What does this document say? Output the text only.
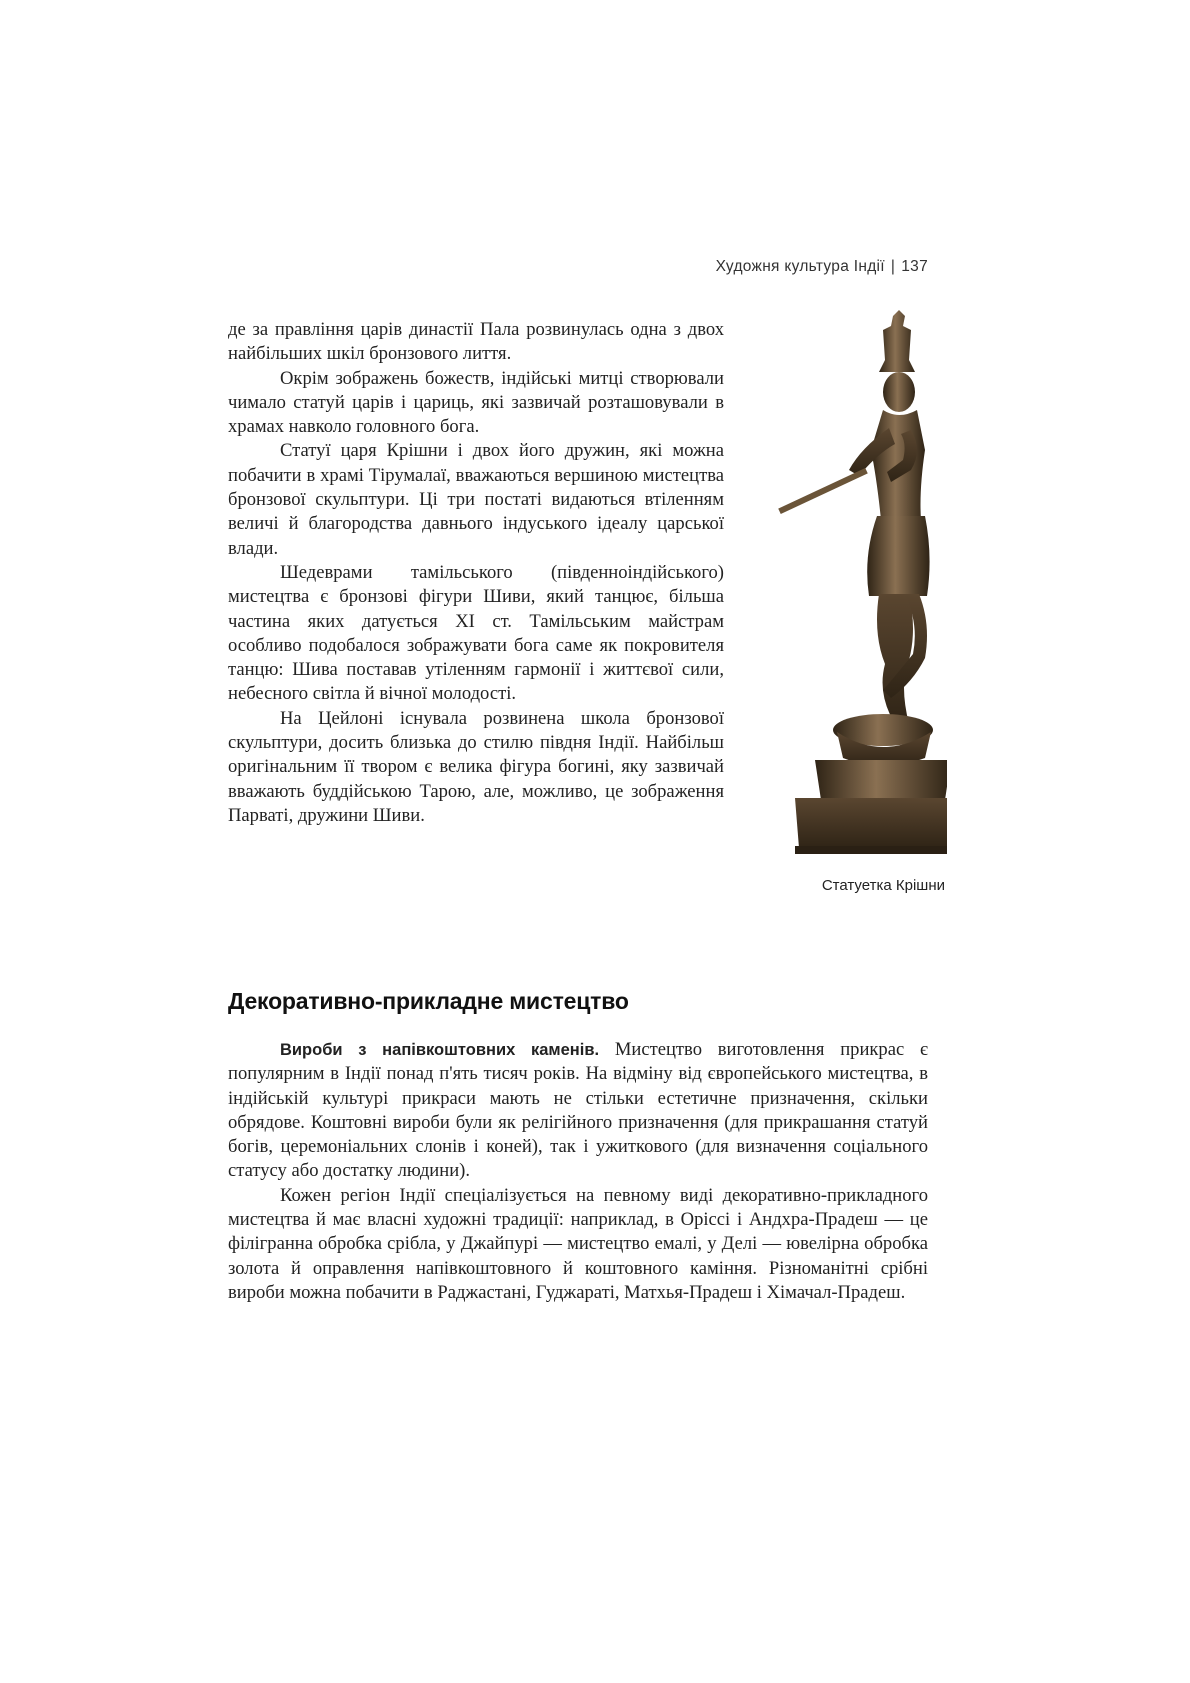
Художня культура Індії | 137

де за правління царів династії Пала розвинулась одна з двох найбільших шкіл бронзового лиття.

Окрім зображень божеств, індійські митці створювали чимало статуй царів і цариць, які зазвичай розташовували в храмах навколо головного бога.

Статуї царя Крішни і двох його дружин, які можна побачити в храмі Тірумалаї, вважаються вершиною мистецтва бронзової скульптури. Ці три постаті видаються втіленням величі й благородства давнього індуського ідеалу царської влади.

Шедеврами тамільського (південноіндійського) мистецтва є бронзові фігури Шиви, який танцює, більша частина яких датується XI ст. Тамільським майстрам особливо подобалося зображувати бога саме як покровителя танцю: Шива поставав утіленням гармонії і життєвої сили, небесного світла й вічної молодості.

На Цейлоні існувала розвинена школа бронзової скульптури, досить близька до стилю півдня Індії. Найбільш оригінальним її твором є велика фігура богині, яку зазвичай вважають буддійською Тарою, але, можливо, це зображення Парваті, дружини Шиви.

Статуетка Крішни
Декоративно-прикладне мистецтво

Вироби з напівкоштовних каменів. Мистецтво виготовлення прикрас є популярним в Індії понад п'ять тисяч років. На відміну від європейського мистецтва, в індійській культурі прикраси мають не стільки естетичне призначення, скільки обрядове. Коштовні вироби були як релігійного призначення (для прикрашання статуй богів, церемоніальних слонів і коней), так і ужиткового (для визначення соціального статусу або достатку людини).

Кожен регіон Індії спеціалізується на певному виді декоративно-прикладного мистецтва й має власні художні традиції: наприклад, в Оріссі і Андхра-Прадеш — це філігранна обробка срібла, у Джайпурі — мистецтво емалі, у Делі — ювелірна обробка золота й оправлення напівкоштовного й коштовного каміння. Різноманітні срібні вироби можна побачити в Раджастані, Гуджараті, Матхья-Прадеш і Хімачал-Прадеш.
